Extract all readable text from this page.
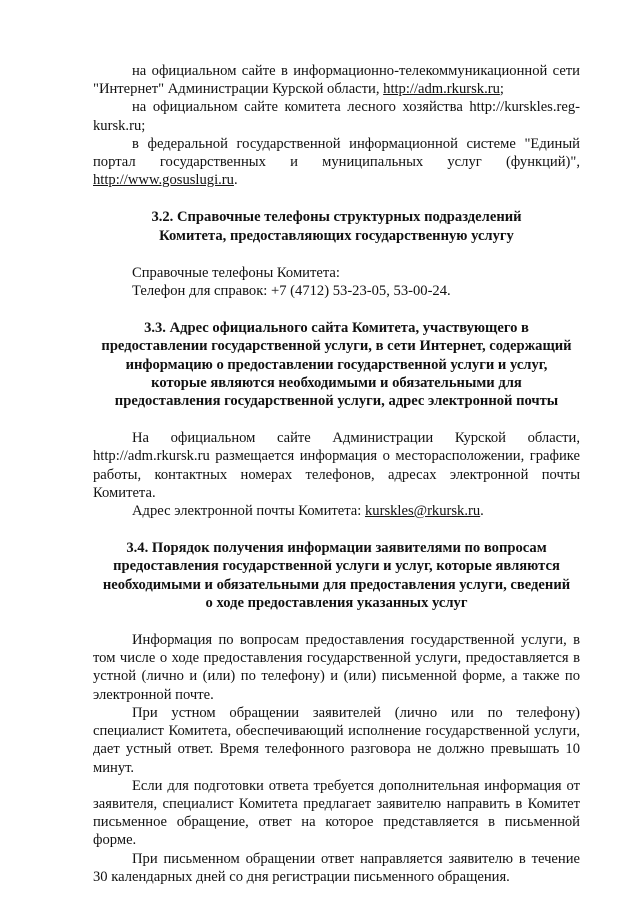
на официальном сайте в информационно-телекоммуникационной сети "Интернет" Администрации Курской области, http://adm.rkursk.ru;

на официальном сайте комитета лесного хозяйства http://kurskles.reg-kursk.ru;

в федеральной государственной информационной системе "Единый портал государственных и муниципальных услуг (функций)", http://www.gosuslugi.ru.

3.2. Справочные телефоны структурных подразделений
Комитета, предоставляющих государственную услугу

Справочные телефоны Комитета:

Телефон для справок: +7 (4712) 53-23-05, 53-00-24.

3.3. Адрес официального сайта Комитета, участвующего в
предоставлении государственной услуги, в сети Интернет, содержащий
информацию о предоставлении государственной услуги и услуг,
которые являются необходимыми и обязательными для
предоставления государственной услуги, адрес электронной почты

На официальном сайте Администрации Курской области, http://adm.rkursk.ru размещается информация о месторасположении, графике работы, контактных номерах телефонов, адресах электронной почты Комитета.

Адрес электронной почты Комитета: kurskles@rkursk.ru.

3.4. Порядок получения информации заявителями по вопросам
предоставления государственной услуги и услуг, которые являются
необходимыми и обязательными для предоставления услуги, сведений
о ходе предоставления указанных услуг

Информация по вопросам предоставления государственной услуги, в том числе о ходе предоставления государственной услуги, предоставляется в устной (лично и (или) по телефону) и (или) письменной форме, а также по электронной почте.

При устном обращении заявителей (лично или по телефону) специалист Комитета, обеспечивающий исполнение государственной услуги, дает устный ответ. Время телефонного разговора не должно превышать 10 минут.

Если для подготовки ответа требуется дополнительная информация от заявителя, специалист Комитета предлагает заявителю направить в Комитет письменное обращение, ответ на которое представляется в письменной форме.

При письменном обращении ответ направляется заявителю в течение 30 календарных дней со дня регистрации письменного обращения.
